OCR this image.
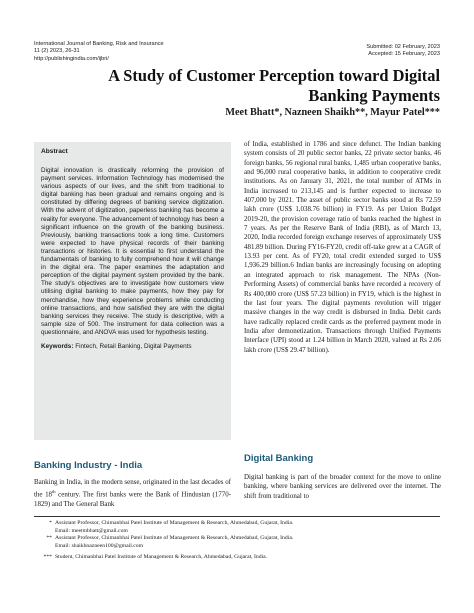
International Journal of Banking, Risk and Insurance
11 (2) 2023, 26-31
http://publishingindia.com/ijbri/
Submitted: 02 February, 2023
Accepted: 15 February, 2023
A Study of Customer Perception toward Digital
Banking Payments
Meet Bhatt*, Nazneen Shaikh**, Mayur Patel***
Abstract

Digital innovation is drastically reforming the provision of payment services. Information Technology has modernised the various aspects of our lives, and the shift from traditional to digital banking has been gradual and remains ongoing and is constituted by differing degrees of banking service digitization. With the advent of digitization, paperless banking has become a reality for everyone. The advancement of technology has been a significant influence on the growth of the banking business. Previously, banking transactions took a long time. Customers were expected to have physical records of their banking transactions or histories. It is essential to first understand the fundamentals of banking to fully comprehend how it will change in the digital era. The paper examines the adaptation and perception of the digital payment system provided by the bank. The study's objectives are to investigate how customers view utilising digital banking to make payments, how they pay for merchandise, how they experience problems while conducting online transactions, and how satisfied they are with the digital banking services they receive. The study is descriptive, with a sample size of 500. The instrument for data collection was a questionnaire, and ANOVA was used for hypothesis testing.

Keywords: Fintech, Retail Banking, Digital Payments

Banking Industry - India

Banking in India, in the modern sense, originated in the last decades of the 18th century. The first banks were the Bank of Hindustan (1770-1829) and The General Bank

of India, established in 1786 and since defunct. The Indian banking system consists of 20 public sector banks, 22 private sector banks, 46 foreign banks, 56 regional rural banks, 1,485 urban cooperative banks, and 96,000 rural cooperative banks, in addition to cooperative credit institutions. As on January 31, 2021, the total number of ATMs in India increased to 213,145 and is further expected to increase to 407,000 by 2021. The asset of public sector banks stood at Rs 72.59 lakh crore (US$ 1,038.76 billion) in FY19. As per Union Budget 2019-20, the provision coverage ratio of banks reached the highest in 7 years. As per the Reserve Bank of India (RBI), as of March 13, 2020, India recorded foreign exchange reserves of approximately US$ 481.89 billion. During FY16-FY20, credit off-take grew at a CAGR of 13.93 per cent. As of FY20, total credit extended surged to US$ 1,936.29 billion.6 Indian banks are increasingly focusing on adopting an integrated approach to risk management. The NPAs (Non-Performing Assets) of commercial banks have recorded a recovery of Rs 400,000 crore (US$ 57.23 billion) in FY19, which is the highest in the last four years. The digital payments revolution will trigger massive changes in the way credit is disbursed in India. Debit cards have radically replaced credit cards as the preferred payment mode in India after demonetization. Transactions through Unified Payments Interface (UPI) stood at 1.24 billion in March 2020, valued at Rs 2.06 lakh crore (US$ 29.47 billion).

Digital Banking

Digital banking is part of the broader context for the move to online banking, where banking services are delivered over the internet. The shift from traditional to

* Assistant Professor, Chimanbhai Patel Institute of Management & Research, Ahmedabad, Gujarat, India.
Email: meetmbhatt@gmail.com
** Assistant Professor, Chimanbhai Patel Institute of Management & Research, Ahmedabad, Gujarat, India.
Email: shaikhnazneen100@gmail.com
*** Student, Chimanbhai Patel Institute of Management & Research, Ahmedabad, Gujarat, India.
